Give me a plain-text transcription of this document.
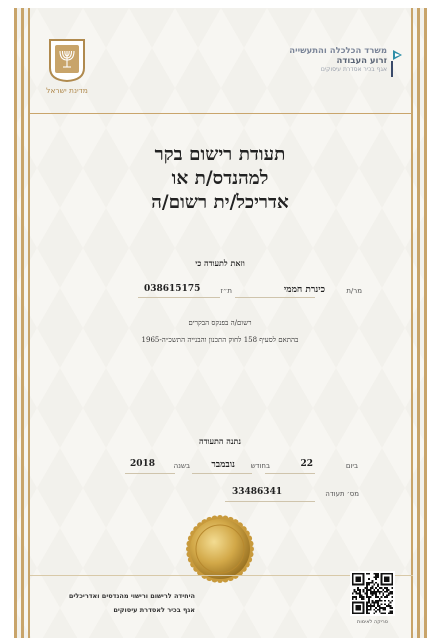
מדינת ישראל
משרד הכלכלה והתעשייה
זרוע העבודה
אגף בכיר אסדרת עיסוקים
תעודת רישום בקר
למהנדס/ת או
אדריכל/ית רשום/ה
וזאת לתעודה כי
מר/ת
כינרת חממי
ת״ז
038615175
רשום/ה בפנקס הבקרים
בהתאם לסעיף 158 לחוק התכנון והבנייה התשכ״ה-1965
נתנה התעודה
ביום
22
בחודש
נובמבר
בשנה
2018
מס׳ תעודה
33486341
היחידה לרישום ורישוי מהנדסים ואדריכלים
אגף בכיר לאסדרת עיסוקים
סריקה לאימות
